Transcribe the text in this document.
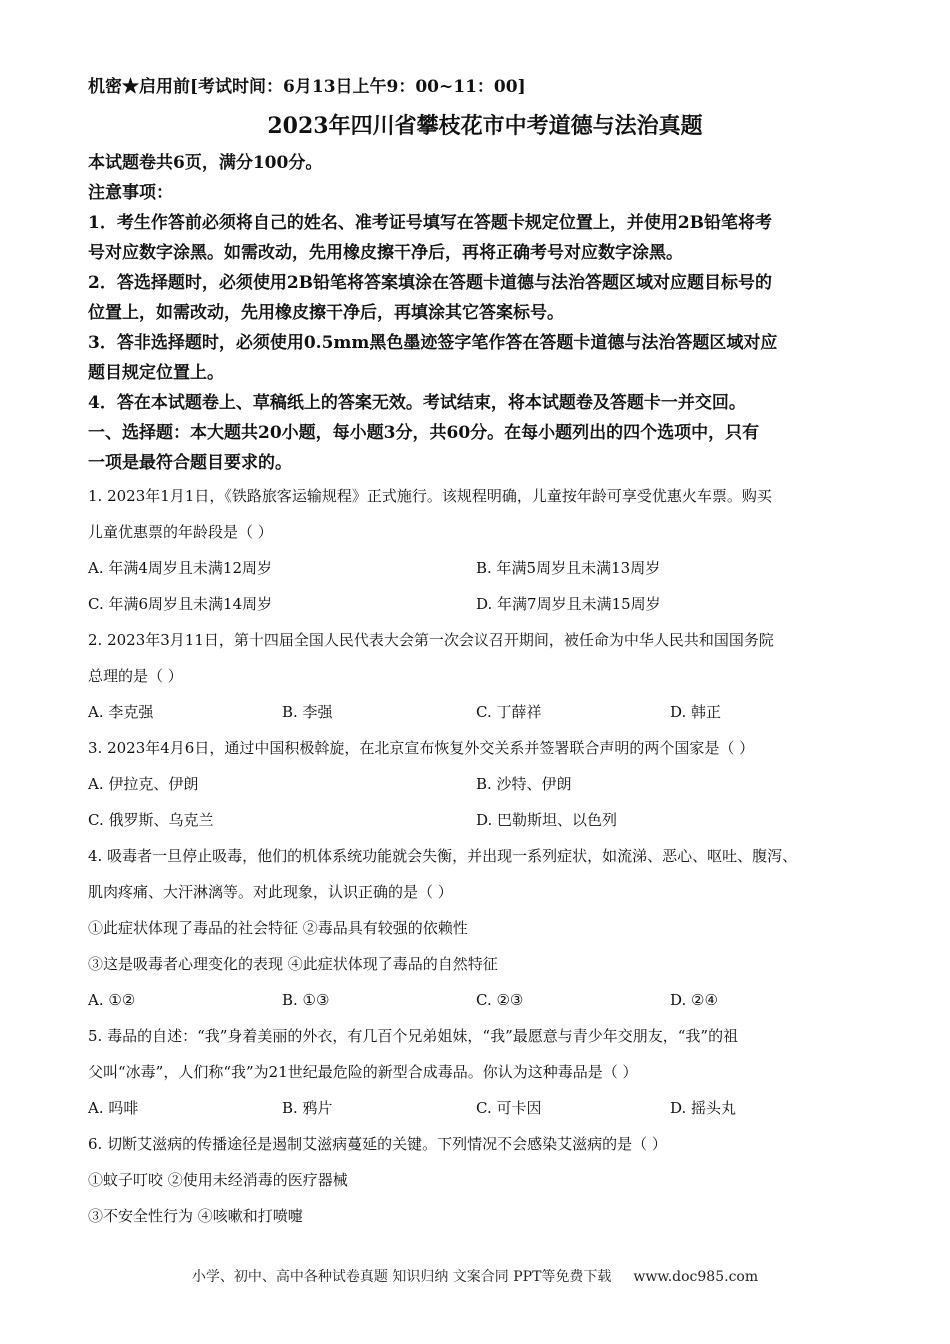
机密★启用前[考试时间：6月13日上午9：00~11：00]
2023年四川省攀枝花市中考道德与法治真题
本试题卷共6页，满分100分。
注意事项：
1．考生作答前必须将自己的姓名、准考证号填写在答题卡规定位置上，并使用2B铅笔将考
号对应数字涂黑。如需改动，先用橡皮擦干净后，再将正确考号对应数字涂黑。
2．答选择题时，必须使用2B铅笔将答案填涂在答题卡道德与法治答题区域对应题目标号的
位置上，如需改动，先用橡皮擦干净后，再填涂其它答案标号。
3．答非选择题时，必须使用0.5mm黑色墨迹签字笔作答在答题卡道德与法治答题区域对应
题目规定位置上。
4．答在本试题卷上、草稿纸上的答案无效。考试结束，将本试题卷及答题卡一并交回。
一、选择题：本大题共20小题，每小题3分，共60分。在每小题列出的四个选项中，只有
一项是最符合题目要求的。
1. 2023年1月1日，《铁路旅客运输规程》正式施行。该规程明确，儿童按年龄可享受优惠火车票。购买
儿童优惠票的年龄段是（ ）
A. 年满4周岁且未满12周岁	B. 年满5周岁且未满13周岁
C. 年满6周岁且未满14周岁	D. 年满7周岁且未满15周岁
2. 2023年3月11日，第十四届全国人民代表大会第一次会议召开期间，被任命为中华人民共和国国务院
总理的是（ ）
A. 李克强	B. 李强	C. 丁薛祥	D. 韩正
3. 2023年4月6日，通过中国积极斡旋，在北京宣布恢复外交关系并签署联合声明的两个国家是（ ）
A. 伊拉克、伊朗	B. 沙特、伊朗
C. 俄罗斯、乌克兰	D. 巴勒斯坦、以色列
4. 吸毒者一旦停止吸毒，他们的机体系统功能就会失衡，并出现一系列症状，如流涕、恶心、呕吐、腹泻、
肌肉疼痛、大汗淋漓等。对此现象，认识正确的是（ ）
①此症状体现了毒品的社会特征 ②毒品具有较强的依赖性
③这是吸毒者心理变化的表现 ④此症状体现了毒品的自然特征
A. ①②	B. ①③	C. ②③	D. ②④
5. 毒品的自述：“我”身着美丽的外衣，有几百个兄弟姐妹，“我”最愿意与青少年交朋友，“我”的祖
父叫“冰毒”，人们称“我”为21世纪最危险的新型合成毒品。你认为这种毒品是（ ）
A. 吗啡	B. 鸦片	C. 可卡因	D. 摇头丸
6. 切断艾滋病的传播途径是遏制艾滋病蔓延的关键。下列情况不会感染艾滋病的是（ ）
①蚊子叮咬 ②使用未经消毒的医疗器械
③不安全性行为 ④咳嗽和打喷嚏
小学、初中、高中各种试卷真题 知识归纳 文案合同 PPT等免费下载 www.doc985.com
